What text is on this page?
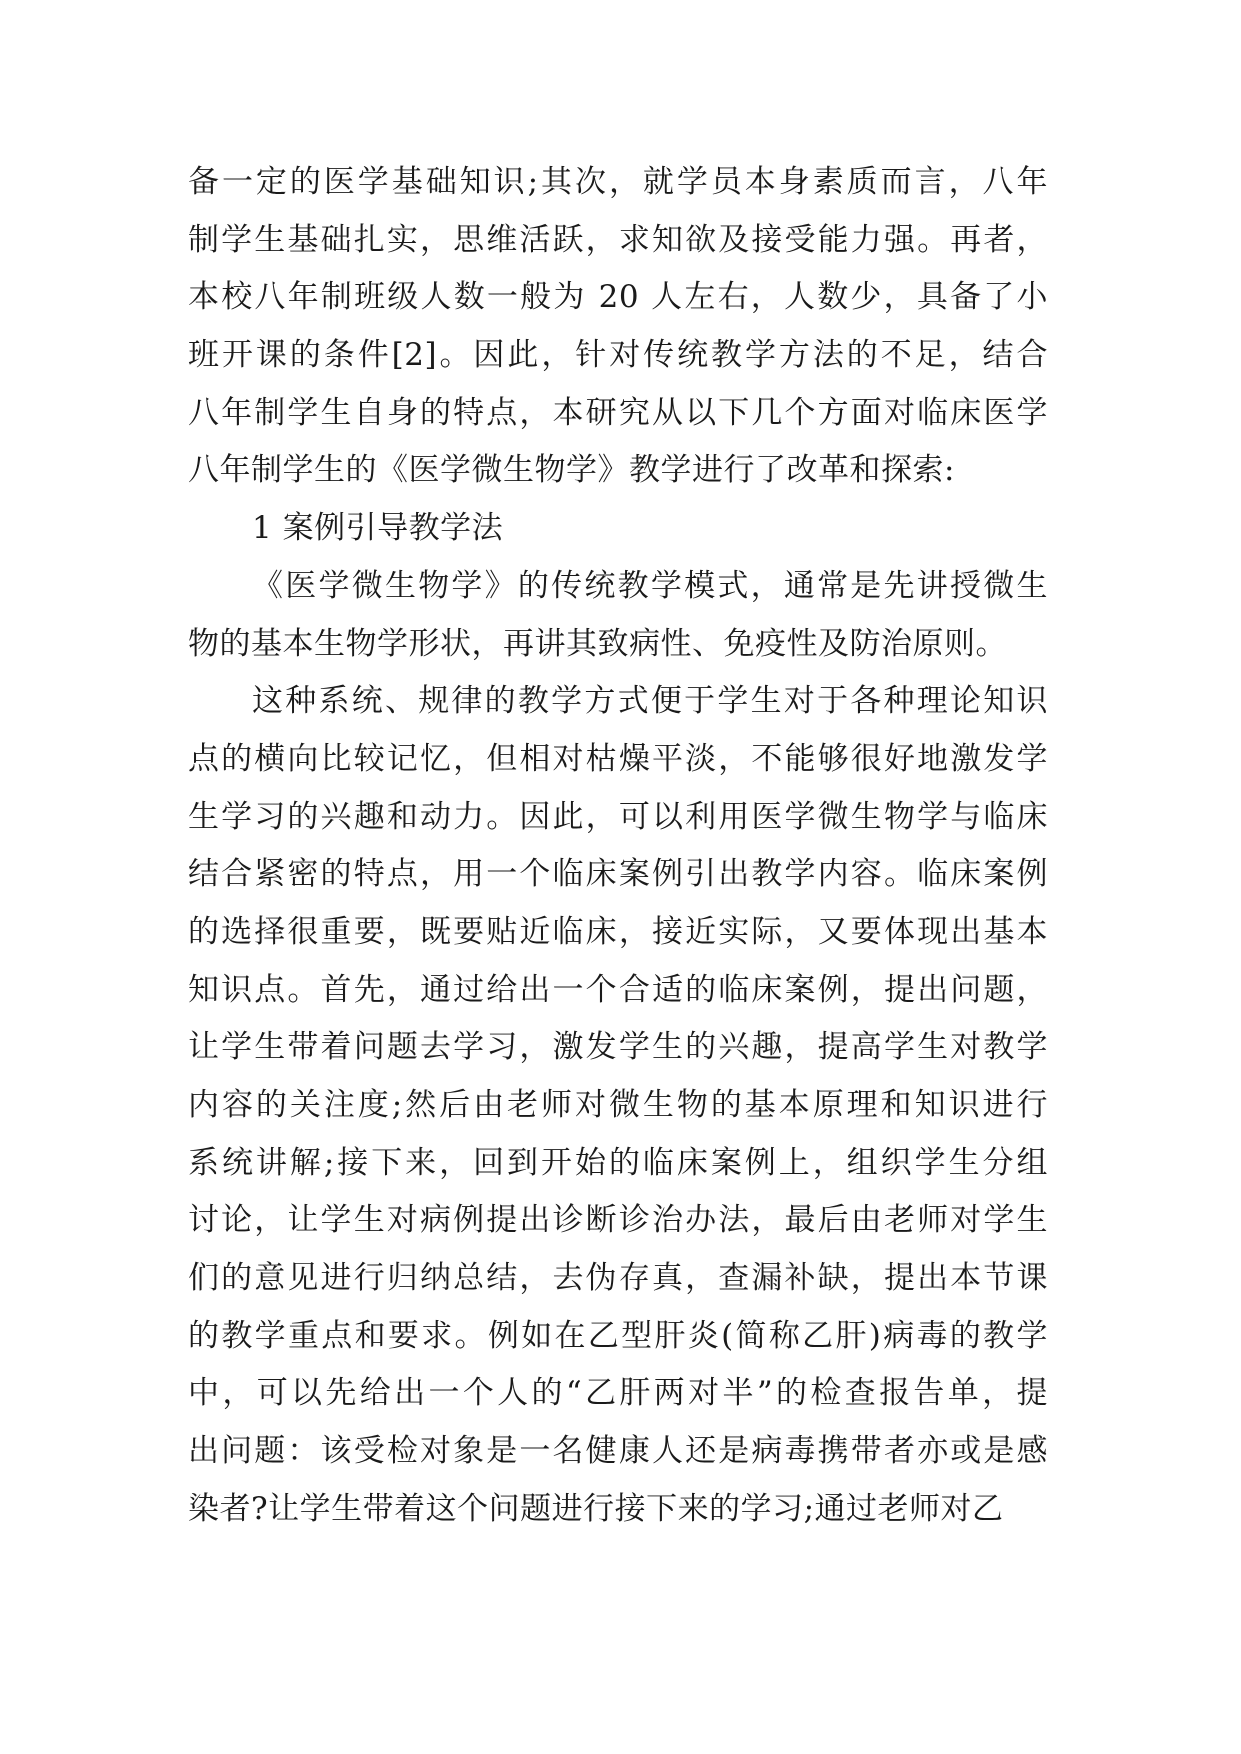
备一定的医学基础知识;其次，就学员本身素质而言，八年
制学生基础扎实，思维活跃，求知欲及接受能力强。再者，
本校八年制班级人数一般为 20 人左右，人数少，具备了小
班开课的条件[2]。因此，针对传统教学方法的不足，结合
八年制学生自身的特点，本研究从以下几个方面对临床医学
八年制学生的《医学微生物学》教学进行了改革和探索:
1 案例引导教学法
《医学微生物学》的传统教学模式，通常是先讲授微生
物的基本生物学形状，再讲其致病性、免疫性及防治原则。
这种系统、规律的教学方式便于学生对于各种理论知识
点的横向比较记忆，但相对枯燥平淡，不能够很好地激发学
生学习的兴趣和动力。因此，可以利用医学微生物学与临床
结合紧密的特点，用一个临床案例引出教学内容。临床案例
的选择很重要，既要贴近临床，接近实际，又要体现出基本
知识点。首先，通过给出一个合适的临床案例，提出问题，
让学生带着问题去学习，激发学生的兴趣，提高学生对教学
内容的关注度;然后由老师对微生物的基本原理和知识进行
系统讲解;接下来，回到开始的临床案例上，组织学生分组
讨论，让学生对病例提出诊断诊治办法，最后由老师对学生
们的意见进行归纳总结，去伪存真，查漏补缺，提出本节课
的教学重点和要求。例如在乙型肝炎(简称乙肝)病毒的教学
中，可以先给出一个人的“乙肝两对半”的检查报告单，提
出问题：该受检对象是一名健康人还是病毒携带者亦或是感
染者?让学生带着这个问题进行接下来的学习;通过老师对乙
